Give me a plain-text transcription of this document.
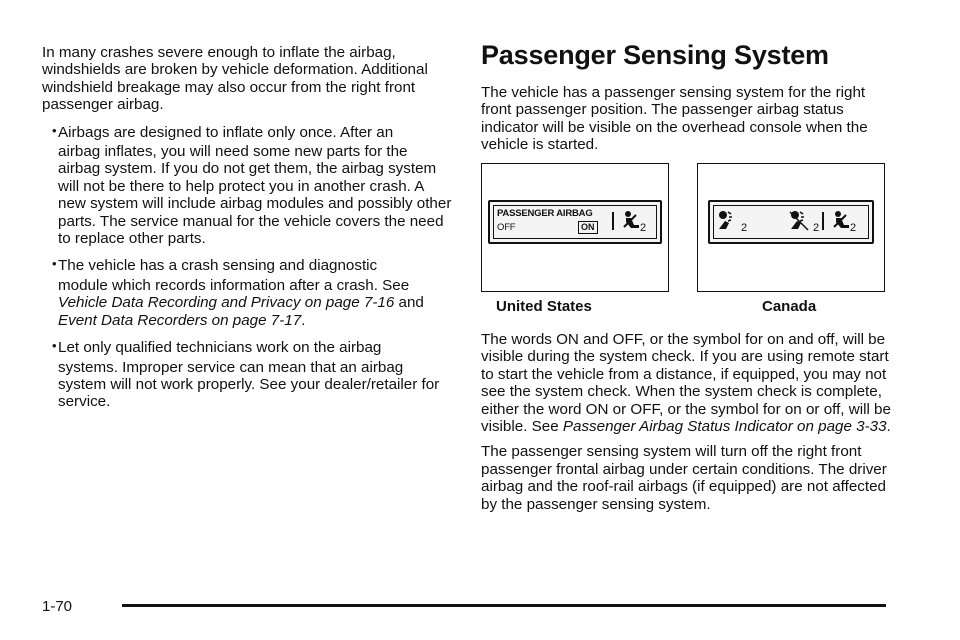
In many crashes severe enough to inflate the airbag, windshields are broken by vehicle deformation. Additional windshield breakage may also occur from the right front passenger airbag.

• Airbags are designed to inflate only once. After an
airbag inflates, you will need some new parts for the airbag system. If you do not get them, the airbag system will not be there to help protect you in another crash. A new system will include airbag modules and possibly other parts. The service manual for the vehicle covers the need to replace other parts.
• The vehicle has a crash sensing and diagnostic
module which records information after a crash. See Vehicle Data Recording and Privacy on page 7-16 and Event Data Recorders on page 7-17.
• Let only qualified technicians work on the airbag
systems. Improper service can mean that an airbag system will not work properly. See your dealer/retailer for service.
Passenger Sensing System

The vehicle has a passenger sensing system for the right front passenger position. The passenger airbag status indicator will be visible on the overhead console when the vehicle is started.

PASSENGER AIRBAG
OFF	ON	2	2	2	2
United States	Canada

The words ON and OFF, or the symbol for on and off, will be visible during the system check. If you are using remote start to start the vehicle from a distance, if equipped, you may not see the system check. When the system check is complete, either the word ON or OFF, or the symbol for on or off, will be visible. See Passenger Airbag Status Indicator on page 3-33.

The passenger sensing system will turn off the right front passenger frontal airbag under certain conditions. The driver airbag and the roof-rail airbags (if equipped) are not affected by the passenger sensing system.

1-70
